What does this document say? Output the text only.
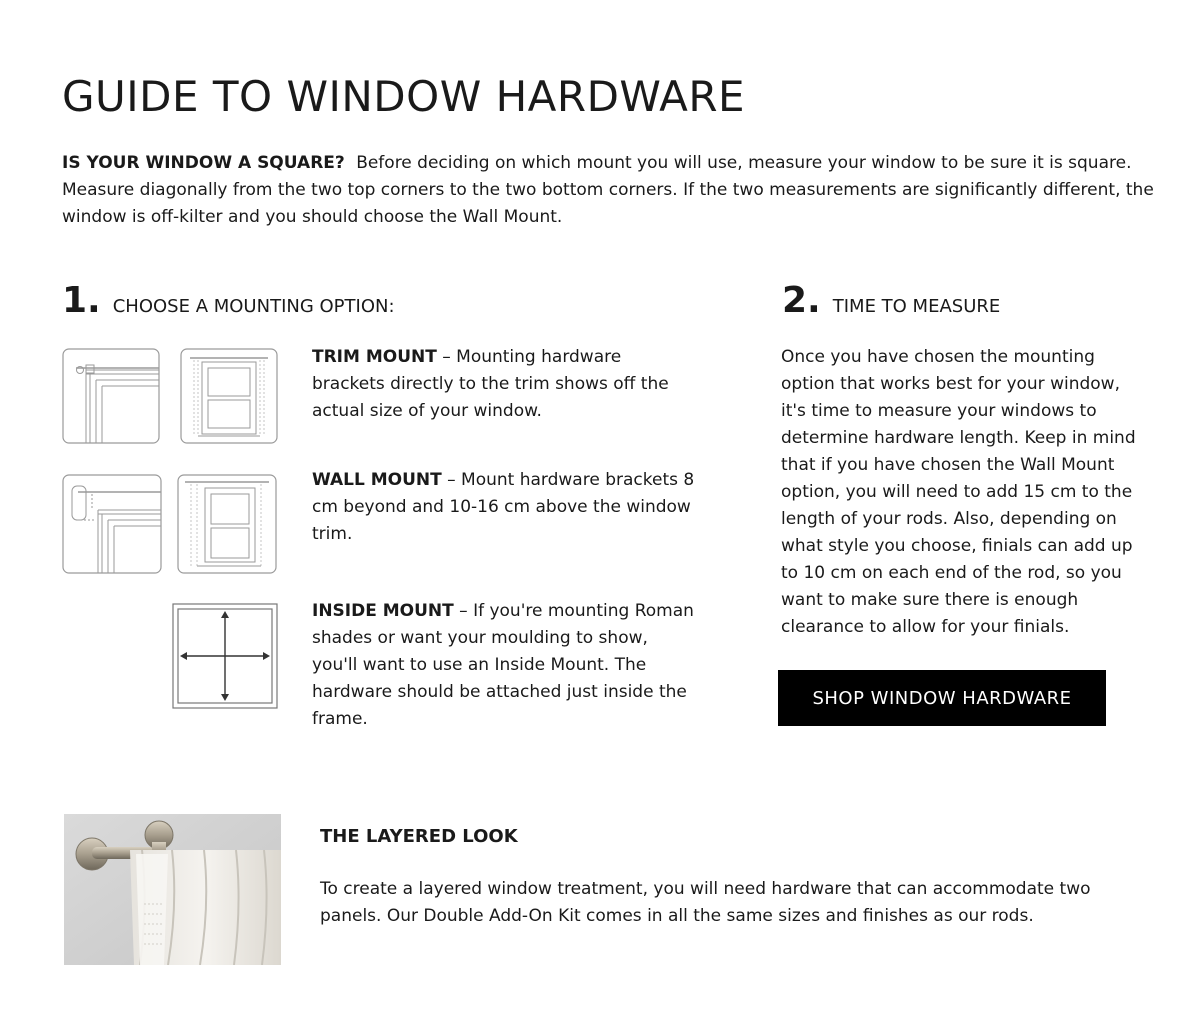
GUIDE TO WINDOW HARDWARE

IS YOUR WINDOW A SQUARE? Before deciding on which mount you will use, measure your window to be sure it is square. Measure diagonally from the two top corners to the two bottom corners. If the two measurements are significantly different, the window is off-kilter and you should choose the Wall Mount.

1. CHOOSE A MOUNTING OPTION:

TRIM MOUNT – Mounting hardware brackets directly to the trim shows off the actual size of your window.

WALL MOUNT – Mount hardware brackets 8 cm beyond and 10-16 cm above the window trim.

INSIDE MOUNT – If you're mounting Roman shades or want your moulding to show, you'll want to use an Inside Mount. The hardware should be attached just inside the frame.

2. TIME TO MEASURE

Once you have chosen the mounting option that works best for your window, it's time to measure your windows to determine hardware length. Keep in mind that if you have chosen the Wall Mount option, you will need to add 15 cm to the length of your rods. Also, depending on what style you choose, finials can add up to 10 cm on each end of the rod, so you want to make sure there is enough clearance to allow for your finials.

SHOP WINDOW HARDWARE
THE LAYERED LOOK

To create a layered window treatment, you will need hardware that can accommodate two panels. Our Double Add-On Kit comes in all the same sizes and finishes as our rods.
